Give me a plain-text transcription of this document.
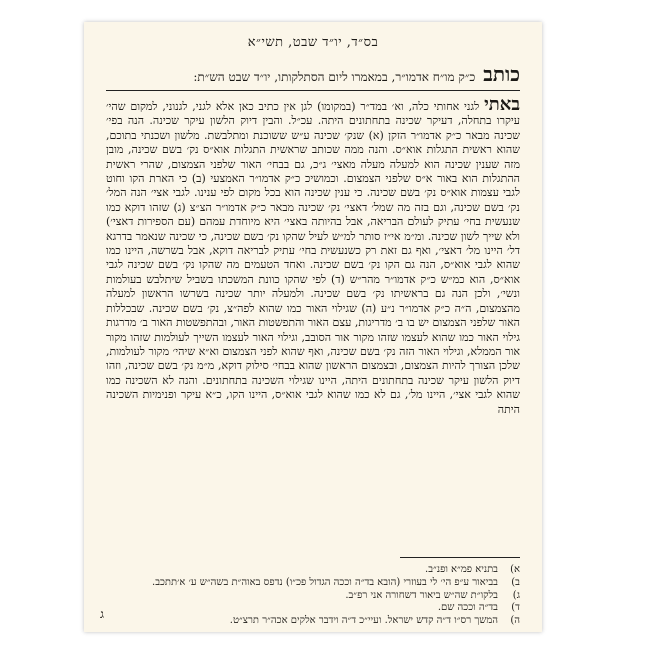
בס״ד, יו״ד שבט, תשי״א
כותב
כ״ק מו״ח אדמו״ר, במאמרו ליום הסתלקותו, יו״ד שבט הש״ת:

באתי לגני אחותי כלה, וא׳ במד״ר (במקומו) לגן אין כתיב כאן אלא לגני, לגנוני, למקום שהי׳ עיקרו בתחלה, דעיקר שכינה בתחתונים היתה. עכ״ל. והבין דיוק הלשון עיקר שכינה. הנה בפי׳ שכינה מבאר כ״ק אדמו״ר הזקן (א) שנק׳ שכינה ע״ש ששוכנת ומתלבשת. מלשון ושכנתי בתוכם, שהוא ראשית התגלות אוא״ס. והנה ממה שכותב שראשית התגלות אוא״ס נק׳ בשם שכינה, מובן מזה שענין שכינה הוא למעלה מעלה מאצי׳ ג״כ, גם בבחי׳ האור שלפני הצמצום, שהרי ראשית ההתגלות הוא באור א״ס שלפני הצמצום. וכמושיכ כ״ק אדמו״ר האמצעי (ב) כי הארת הקו וחוט לגבי עצמות אוא״ס נק׳ בשם שכינה. כי ענין שכינה הוא בכל מקום לפי ענינו. לגבי אצי׳ הנה המל׳ נק׳ בשם שכינה, וגם בזה מה שמל׳ דאצי׳ נק׳ שכינה מבאר כ״ק אדמו״ר הצ״צ (ג) שזהו דוקא כמו שנעשית בחי׳ עתיק לעולם הבריאה, אבל בהיותה באצי׳ היא מיוחדת עמהם (עם הספירות דאצי׳) ולא שייך לשון שכינה. ומ״מ אי״ז סותר למ״ש לעיל שהקו נק׳ בשם שכינה, כי שכינה שנאמר בדרגא דל׳ היינו מל׳ דאצי׳, ואף גם זאת רק כשנעשית בחי׳ עתיק לבריאה דוקא, אבל בשרשה, היינו כמו שהוא לגבי אוא״ס, הנה גם הקו נק׳ בשם שכינה. ואחד הטעמים מה שהקו נק׳ בשם שכינה לגבי אוא״ס, הוא כמ״ש כ״ק אדמו״ר מהר״ש (ד) לפי שהקו כוונת המשכתו בשביל שיתלבש בעולמות ונשי׳, ולכן הנה גם בראשיתו נק׳ בשם שכינה. ולמעלה יותר שכינה בשרשו הראשון למעלה מהצמצום, ה״ה כ״ק אדמו״ר נ״ע (ה) שגילוי האור כמו שהוא לפה״צ, נק׳ בשם שכינה. שבכללות האור שלפני הצמצום יש בו ב׳ מדריגות, עצם האור והתפשטות האור, ובהתפשטות האור ב׳ מדרגות גילוי האור כמו שהוא לעצמו שזהו מקור אור הסובב, וגילוי האור לעצמו השייך לעולמות שזהו מקור אור הממלא, וגילוי האור הזה נק׳ בשם שכינה, ואף שהוא לפני הצמצום וא״א שיהי׳ מקור לעולמות, שלכן הצורך להיות הצמצום, ובצמצום הראשון שהוא בבחי׳ סילוק דוקא, מ״מ נק׳ בשם שכינה, וזהו דיוק הלשון עיקר שכינה בתחתונים היתה, היינו שגילוי השכינה בתחתונים. והנה לא השכינה כמו שהוא לגבי אצי׳, היינו מל׳, גם לא כמו שהוא לגבי אוא״ס, היינו הקו, כ״א עיקר ופנימיות השכינה היתה

א)
בתניא פמ״א ופנ״ב.
ב)
בביאור ע״פ הי׳ לי בעוזרי (הובא בד״ה וככה הגדול פכ״ו) נדפס באוה״ת בשה״ש ע׳ א׳תתכב.
ג)
בלקו״ת שה״ש ביאור דשחורה אני רפ״ב.
ד)
בד״ה וככה שם.
ה)
המשך רס״ו ד״ה קדש ישראל. ועיי״כ ד״ה וידבר אלקים אכה״ר תרצ״ט.
ג
